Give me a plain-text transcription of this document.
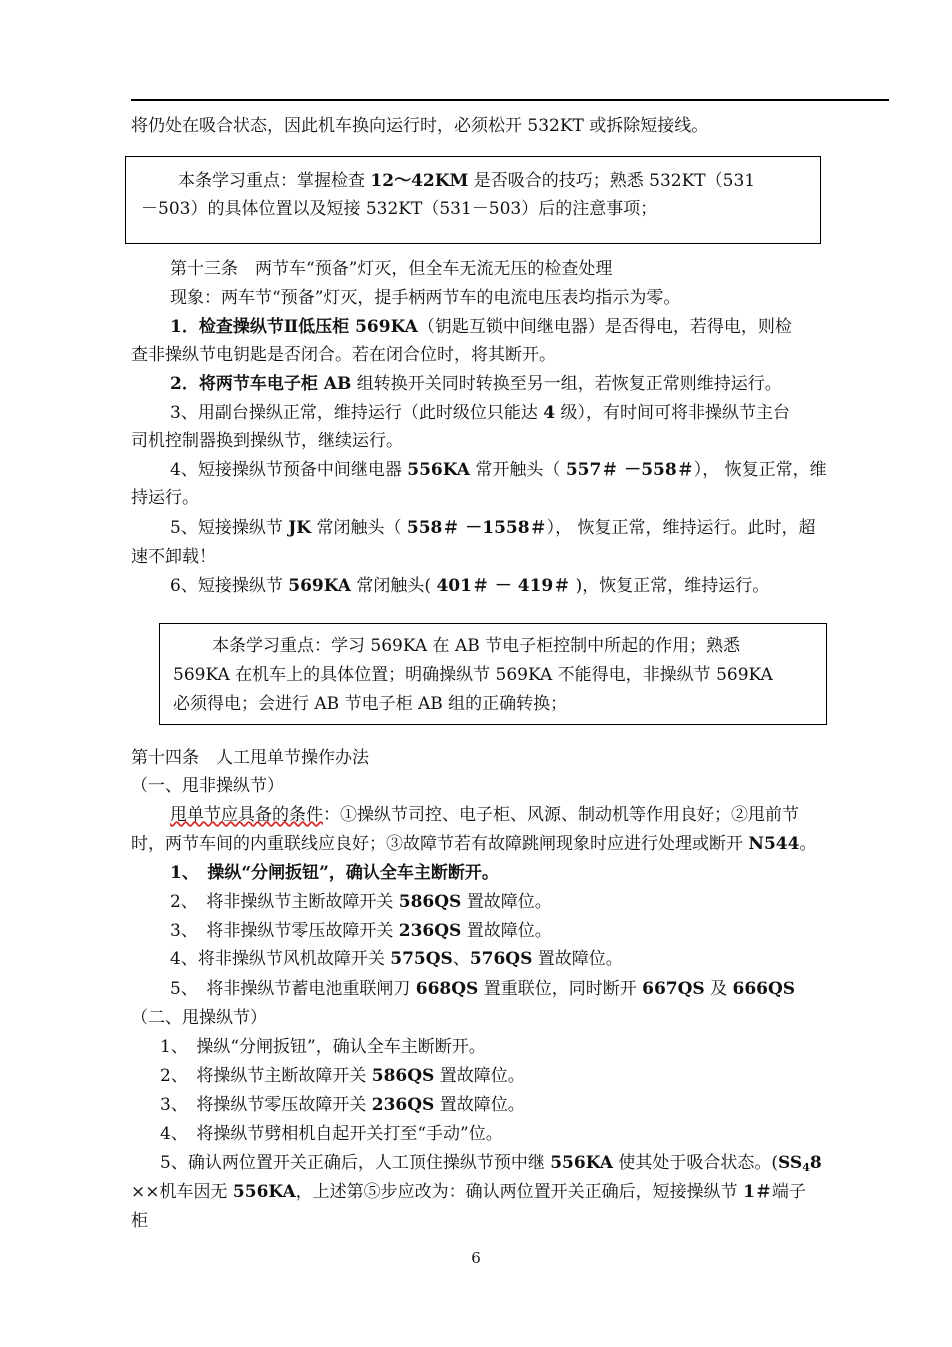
将仍处在吸合状态，因此机车换向运行时，必须松开 532KT 或拆除短接线。
本条学习重点：掌握检查 12～42KM 是否吸合的技巧；熟悉 532KT（531
－503）的具体位置以及短接 532KT（531－503）后的注意事项；
第十三条　两节车“预备”灯灭，但全车无流无压的检查处理
现象：两车节“预备”灯灭，提手柄两节车的电流电压表均指示为零。
1．检查操纵节Ⅱ低压柜 569KA（钥匙互锁中间继电器）是否得电，若得电，则检
查非操纵节电钥匙是否闭合。若在闭合位时，将其断开。
2．将两节车电子柜 AB 组转换开关同时转换至另一组，若恢复正常则维持运行。
3、用副台操纵正常，维持运行（此时级位只能达 4 级），有时间可将非操纵节主台
司机控制器换到操纵节，继续运行。
4、短接操纵节预备中间继电器 556KA 常开触头（ 557＃ －558＃）， 恢复正常，维
持运行。
5、短接操纵节 JK 常闭触头（ 558＃ －1558＃）， 恢复正常，维持运行。此时，超
速不卸载！
6、短接操纵节 569KA 常闭触头( 401＃ － 419＃ )，恢复正常，维持运行。
本条学习重点：学习 569KA 在 AB 节电子柜控制中所起的作用；熟悉
569KA 在机车上的具体位置；明确操纵节 569KA 不能得电，非操纵节 569KA
必须得电；会进行 AB 节电子柜 AB 组的正确转换；
第十四条　人工甩单节操作办法
（一、甩非操纵节）
甩单节应具备的条件：①操纵节司控、电子柜、风源、制动机等作用良好；②甩前节
时，两节车间的内重联线应良好；③故障节若有故障跳闸现象时应进行处理或断开 N544。
1、　操纵“分闸扳钮”，确认全车主断断开。
2、　将非操纵节主断故障开关 586QS 置故障位。
3、　将非操纵节零压故障开关 236QS 置故障位。
4、将非操纵节风机故障开关 575QS、576QS 置故障位。
5、　将非操纵节蓄电池重联闸刀 668QS 置重联位，同时断开 667QS 及 666QS
（二、甩操纵节）
1、　操纵“分闸扳钮”，确认全车主断断开。
2、　将操纵节主断故障开关 586QS 置故障位。
3、　将操纵节零压故障开关 236QS 置故障位。
4、　将操纵节劈相机自起开关打至“手动”位。
5、确认两位置开关正确后，人工顶住操纵节预中继 556KA 使其处于吸合状态。($SS_48$
××机车因无 556KA，上述第⑤步应改为：确认两位置开关正确后，短接操纵节 1＃端子
柜
6
